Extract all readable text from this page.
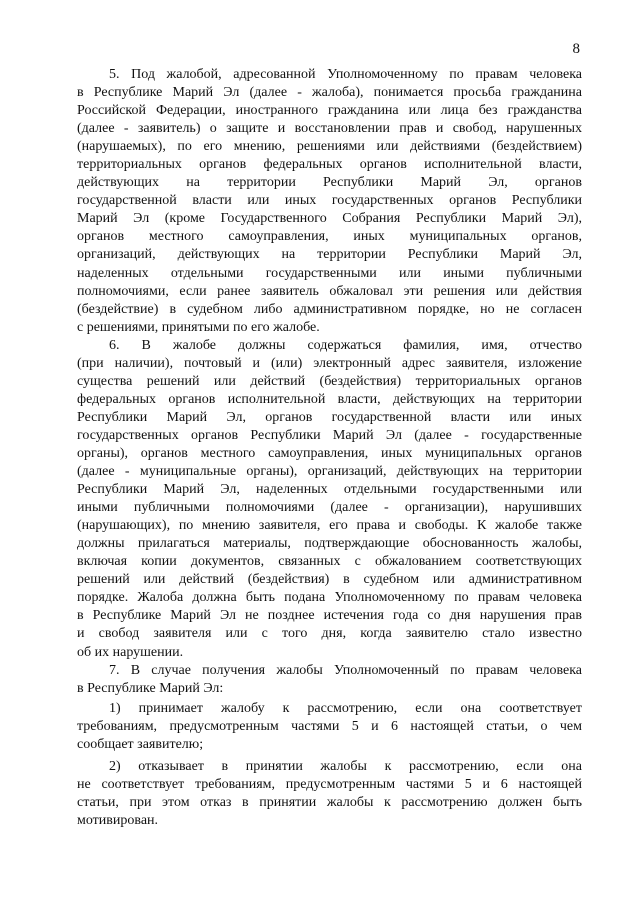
8
5. Под жалобой, адресованной Уполномоченному по правам человека
в Республике Марий Эл (далее - жалоба), понимается просьба гражданина
Российской Федерации, иностранного гражданина или лица без гражданства
(далее - заявитель) о защите и восстановлении прав и свобод, нарушенных
(нарушаемых), по его мнению, решениями или действиями (бездействием)
территориальных органов федеральных органов исполнительной власти,
действующих на территории Республики Марий Эл, органов
государственной власти или иных государственных органов Республики
Марий Эл (кроме Государственного Собрания Республики Марий Эл),
органов местного самоуправления, иных муниципальных органов,
организаций, действующих на территории Республики Марий Эл,
наделенных отдельными государственными или иными публичными
полномочиями, если ранее заявитель обжаловал эти решения или действия
(бездействие) в судебном либо административном порядке, но не согласен
с решениями, принятыми по его жалобе.
6. В жалобе должны содержаться фамилия, имя, отчество
(при наличии), почтовый и (или) электронный адрес заявителя, изложение
существа решений или действий (бездействия) территориальных органов
федеральных органов исполнительной власти, действующих на территории
Республики Марий Эл, органов государственной власти или иных
государственных органов Республики Марий Эл (далее - государственные
органы), органов местного самоуправления, иных муниципальных органов
(далее - муниципальные органы), организаций, действующих на территории
Республики Марий Эл, наделенных отдельными государственными или
иными публичными полномочиями (далее - организации), нарушивших
(нарушающих), по мнению заявителя, его права и свободы. К жалобе также
должны прилагаться материалы, подтверждающие обоснованность жалобы,
включая копии документов, связанных с обжалованием соответствующих
решений или действий (бездействия) в судебном или административном
порядке. Жалоба должна быть подана Уполномоченному по правам человека
в Республике Марий Эл не позднее истечения года со дня нарушения прав
и свобод заявителя или с того дня, когда заявителю стало известно
об их нарушении.
7. В случае получения жалобы Уполномоченный по правам человека
в Республике Марий Эл:
1) принимает жалобу к рассмотрению, если она соответствует
требованиям, предусмотренным частями 5 и 6 настоящей статьи, о чем
сообщает заявителю;
2) отказывает в принятии жалобы к рассмотрению, если она
не соответствует требованиям, предусмотренным частями 5 и 6 настоящей
статьи, при этом отказ в принятии жалобы к рассмотрению должен быть
мотивирован.
